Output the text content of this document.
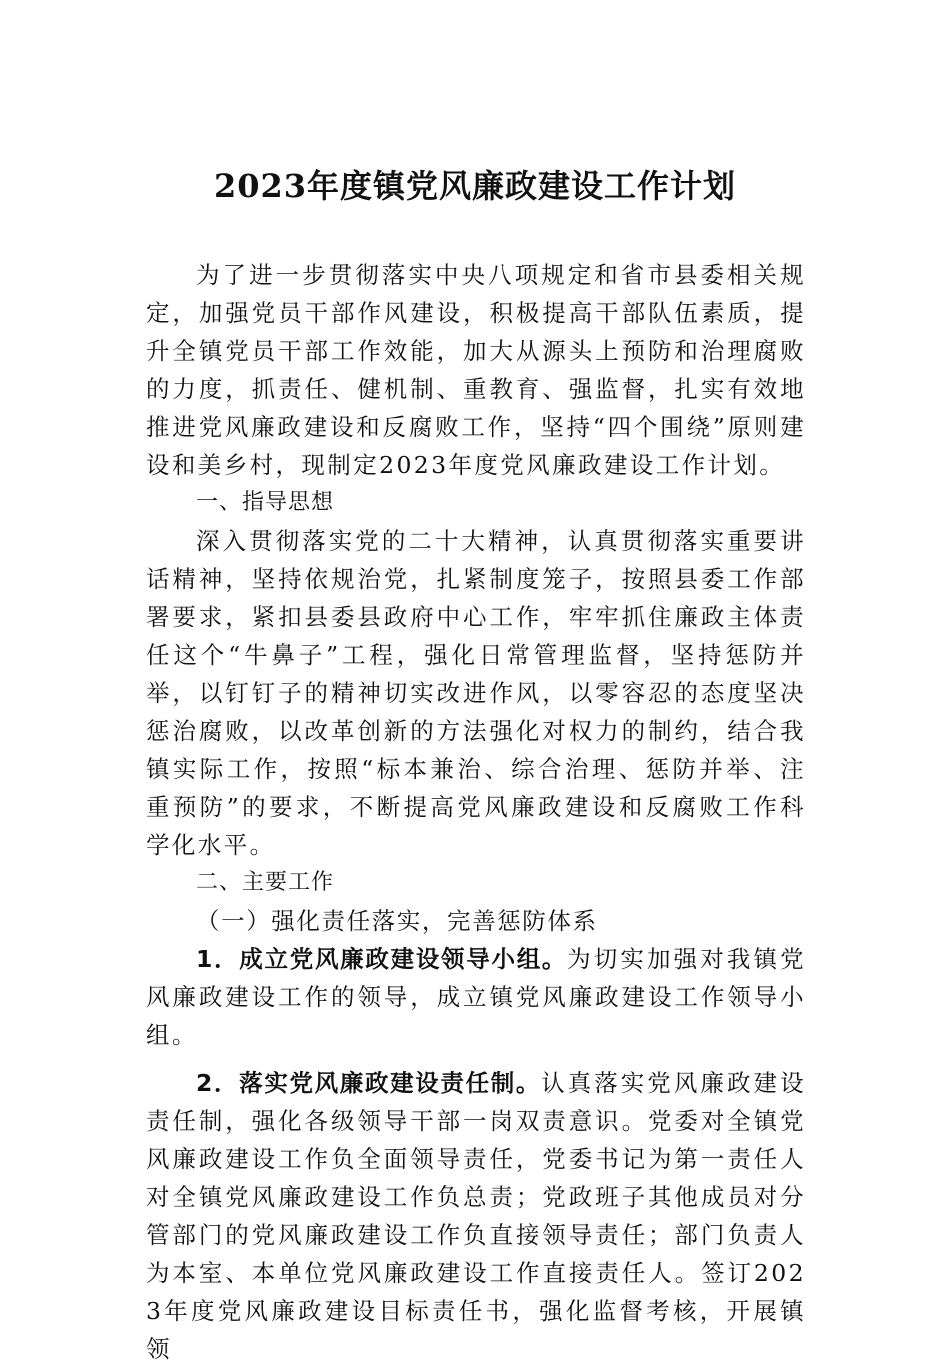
2023年度镇党风廉政建设工作计划

为了进一步贯彻落实中央八项规定和省市县委相关规定，加强党员干部作风建设，积极提高干部队伍素质，提升全镇党员干部工作效能，加大从源头上预防和治理腐败的力度，抓责任、健机制、重教育、强监督，扎实有效地推进党风廉政建设和反腐败工作，坚持“四个围绕”原则建设和美乡村，现制定2023年度党风廉政建设工作计划。

一、指导思想

深入贯彻落实党的二十大精神，认真贯彻落实重要讲话精神，坚持依规治党，扎紧制度笼子，按照县委工作部署要求，紧扣县委县政府中心工作，牢牢抓住廉政主体责任这个“牛鼻子”工程，强化日常管理监督，坚持惩防并举，以钉钉子的精神切实改进作风，以零容忍的态度坚决惩治腐败，以改革创新的方法强化对权力的制约，结合我镇实际工作，按照“标本兼治、综合治理、惩防并举、注重预防”的要求，不断提高党风廉政建设和反腐败工作科学化水平。

二、主要工作

（一）强化责任落实，完善惩防体系

1．成立党风廉政建设领导小组。为切实加强对我镇党风廉政建设工作的领导，成立镇党风廉政建设工作领导小组。

2．落实党风廉政建设责任制。认真落实党风廉政建设责任制，强化各级领导干部一岗双责意识。党委对全镇党风廉政建设工作负全面领导责任，党委书记为第一责任人对全镇党风廉政建设工作负总责；党政班子其他成员对分管部门的党风廉政建设工作负直接领导责任；部门负责人为本室、本单位党风廉政建设工作直接责任人。签订2023年度党风廉政建设目标责任书，强化监督考核，开展镇领
